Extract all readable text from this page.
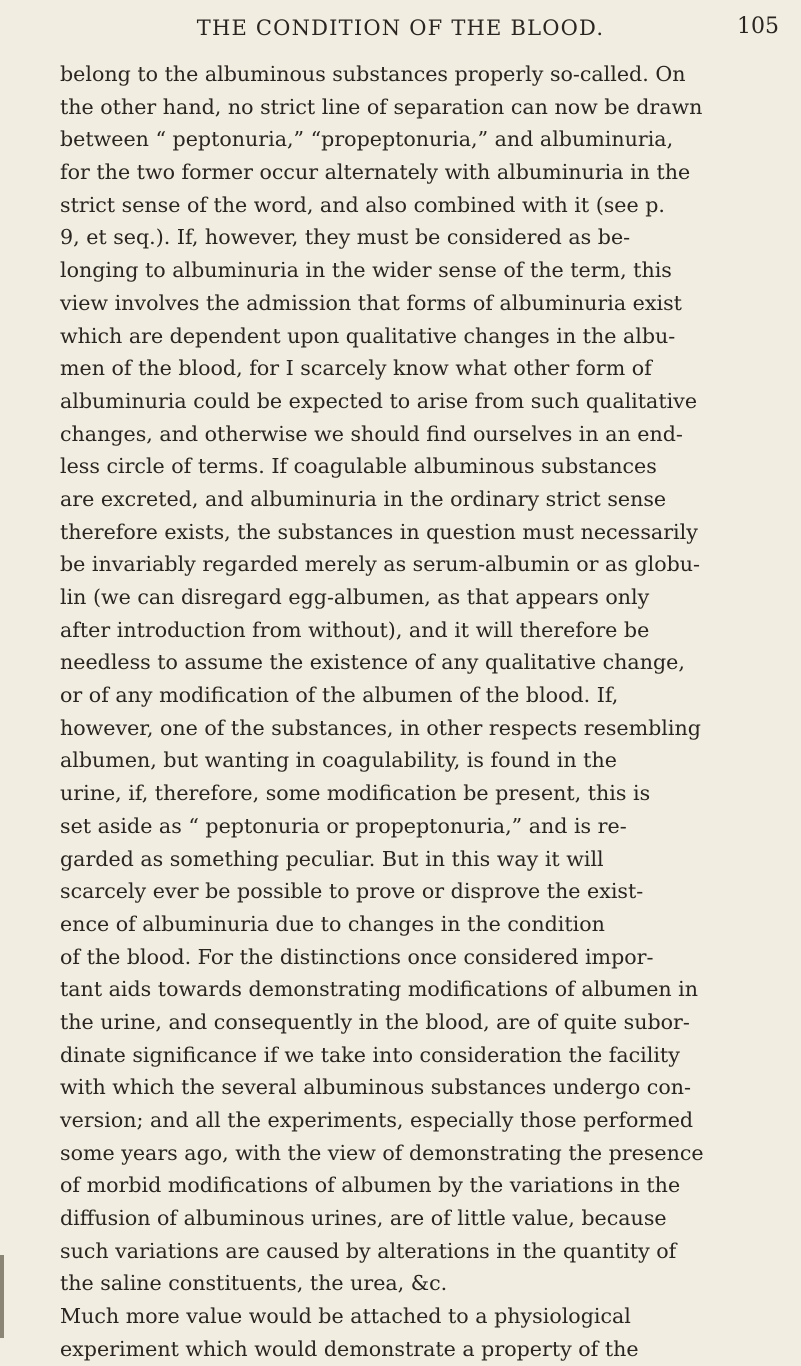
THE CONDITION OF THE BLOOD.	105
belong to the albuminous substances properly so-called. On
the other hand, no strict line of separation can now be drawn
between “ peptonuria,” “propeptonuria,” and albuminuria,
for the two former occur alternately with albuminuria in the
strict sense of the word, and also combined with it (see p.
9, et seq.). If, however, they must be considered as be-
longing to albuminuria in the wider sense of the term, this
view involves the admission that forms of albuminuria exist
which are dependent upon qualitative changes in the albu-
men of the blood, for I scarcely know what other form of
albuminuria could be expected to arise from such qualitative
changes, and otherwise we should find ourselves in an end-
less circle of terms. If coagulable albuminous substances
are excreted, and albuminuria in the ordinary strict sense
therefore exists, the substances in question must necessarily
be invariably regarded merely as serum-albumin or as globu-
lin (we can disregard egg-albumen, as that appears only
after introduction from without), and it will therefore be
needless to assume the existence of any qualitative change,
or of any modification of the albumen of the blood. If,
however, one of the substances, in other respects resembling
albumen, but wanting in coagulability, is found in the
urine, if, therefore, some modification be present, this is
set aside as “ peptonuria or propeptonuria,” and is re-
garded as something peculiar. But in this way it will
scarcely ever be possible to prove or disprove the exist-
ence of albuminuria due to changes in the condition
of the blood. For the distinctions once considered impor-
tant aids towards demonstrating modifications of albumen in
the urine, and consequently in the blood, are of quite subor-
dinate significance if we take into consideration the facility
with which the several albuminous substances undergo con-
version; and all the experiments, especially those performed
some years ago, with the view of demonstrating the presence
of morbid modifications of albumen by the variations in the
diffusion of albuminous urines, are of little value, because
such variations are caused by alterations in the quantity of
the saline constituents, the urea, &c.
Much more value would be attached to a physiological
experiment which would demonstrate a property of the
